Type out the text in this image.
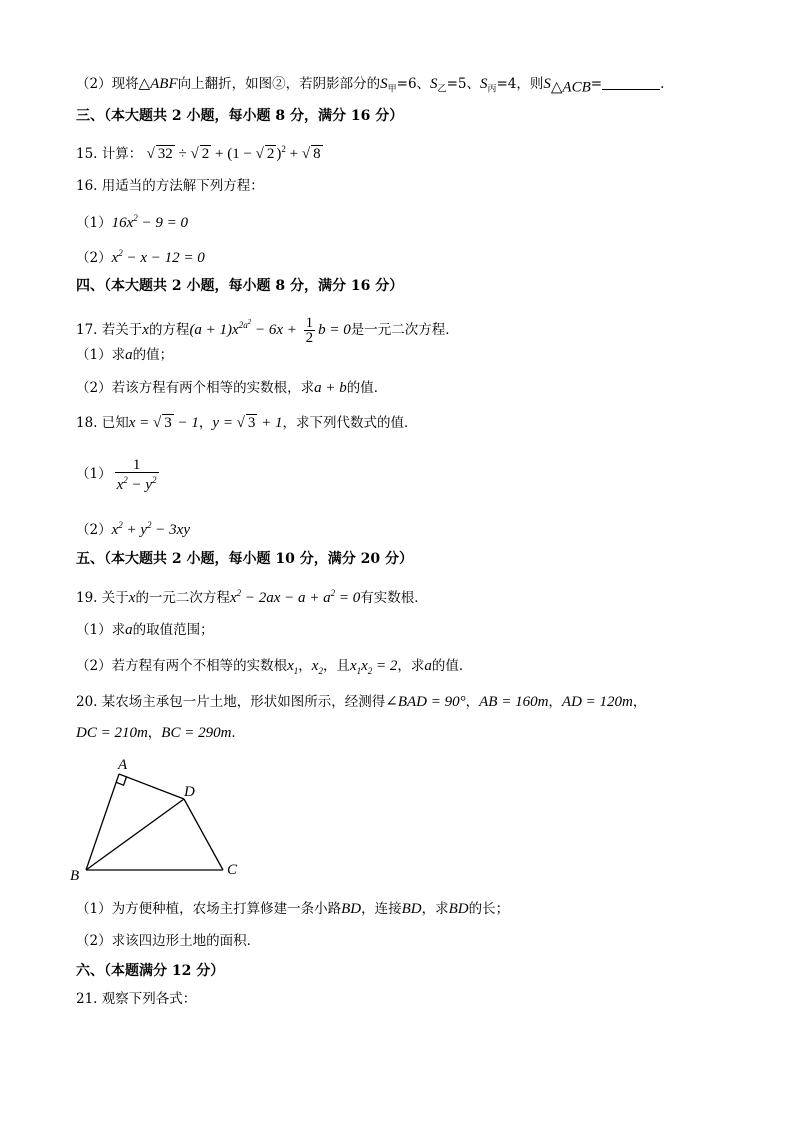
（2）现将△ABF向上翻折，如图②，若阴影部分的$S_甲=6$、$S_乙=5$、$S_丙=4$，则$S_{\triangle ACB}=$	.
三、（本大题共 2 小题，每小题 8 分，满分 16 分）
15. 计算： √ 32 ÷ √ 2 + (1 − √ 2 )$^2$ + √ 8
16. 用适当的方法解下列方程：
$(1)16x^2 - 9 = 0$
$(2)x^2 - x - 12 = 0$
四、（本大题共 2 小题，每小题 8 分，满分 16 分）
17. 若关于x的方程$(a + 1)x^{2a^2} - 6x + \frac{1}{2}$ b = 0是一元二次方程．
（1）求a的值；
（2）若该方程有两个相等的实数根，求a + b的值．
18. 已知x = √ 3 − 1，y = √ 3 + 1，求下列代数式的值．
$(1) \frac{1}{x^2 - y^2}$
$(2)x^2 + y^2 - 3xy$
五、（本大题共 2 小题，每小题 10 分，满分 20 分）
19. 关于x的一元二次方程$x^2 - 2ax - a + a^2 = 0$有实数根．
（1）求a的取值范围；
（2）若方程有两个不相等的实数根$x_1$，$x_2$，且$x_1x_2 = 2$，求a的值．
20. 某农场主承包一片土地，形状如图所示，经测得∠BAD = 90°，AB = 160m，AD = 120m，
DC = 210m，BC = 290m．
A
B	C
D
（1）为方便种植，农场主打算修建一条小路BD，连接BD，求BD的长；
（2）求该四边形土地的面积．
六、（本题满分 12 分）
21. 观察下列各式：
